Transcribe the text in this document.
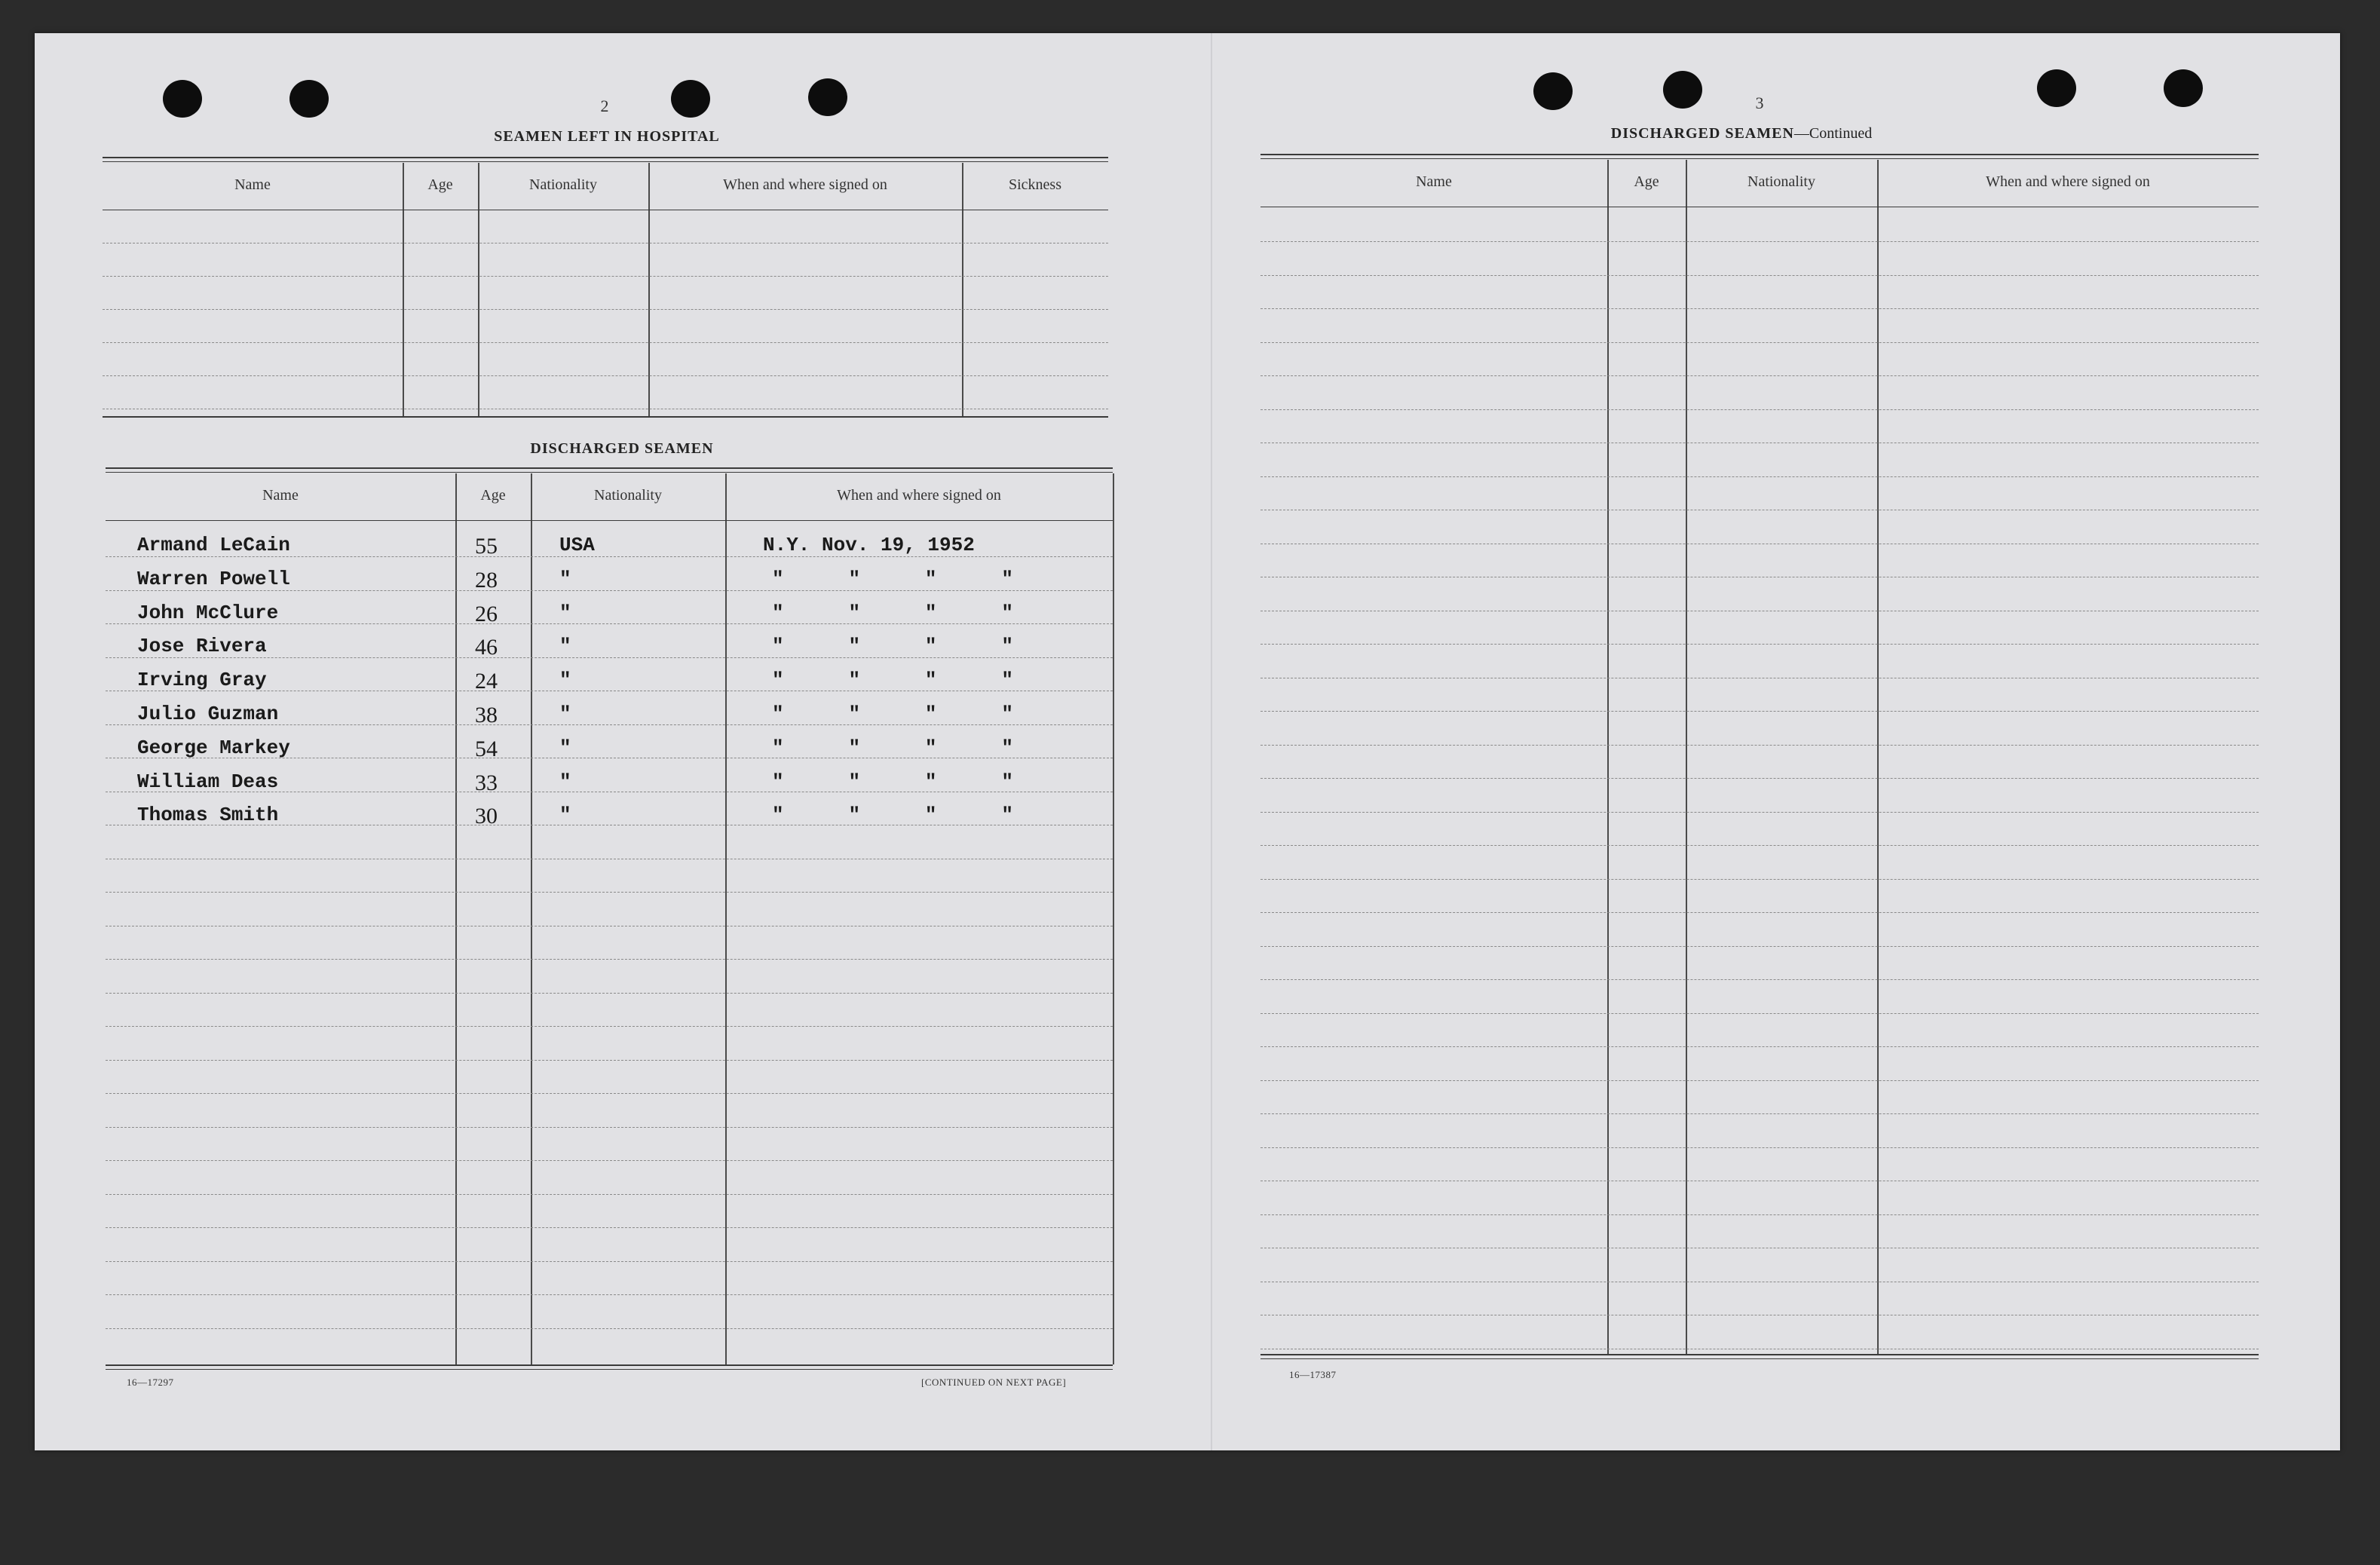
2
SEAMEN LEFT IN HOSPITAL
DISCHARGED SEAMEN
16—17297	[CONTINUED ON NEXT PAGE]
3
DISCHARGED SEAMEN—Continued
16—17387
Name	Age	Nationality	When and where signed on	Sickness
Name	Age	Nationality	When and where signed on
Name	Age	Nationality	When and where signed on
Armand LeCain	55	USA	N.Y. Nov. 19, 1952
Warren Powell	28	"	"	"	"	"
John McClure	26	"	"	"	"	"
Jose Rivera	46	"	"	"	"	"
Irving Gray	24	"	"	"	"	"
Julio Guzman	38	"	"	"	"	"
George Markey	54	"	"	"	"	"
William Deas	33	"	"	"	"	"
Thomas Smith	30	"	"	"	"	"
